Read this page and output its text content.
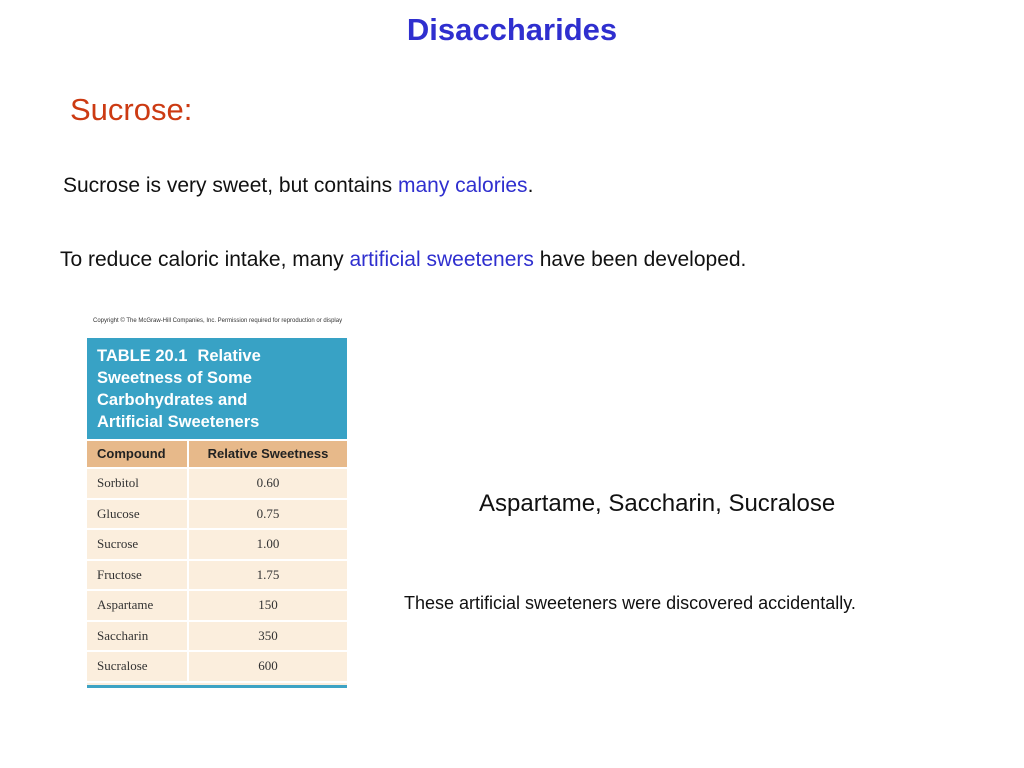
Disaccharides
Sucrose:
Sucrose is very sweet, but contains many calories.
To reduce caloric intake, many artificial sweeteners have been developed.
Copyright © The McGraw-Hill Companies, Inc. Permission required for reproduction or display
TABLE 20.1 Relative
Sweetness of Some
Carbohydrates and
Artificial Sweeteners
Compound	Relative Sweetness
Sorbitol	0.60
Glucose	0.75
Sucrose	1.00
Fructose	1.75
Aspartame	150
Saccharin	350
Sucralose	600
Aspartame, Saccharin, Sucralose
These artificial sweeteners were discovered accidentally.
